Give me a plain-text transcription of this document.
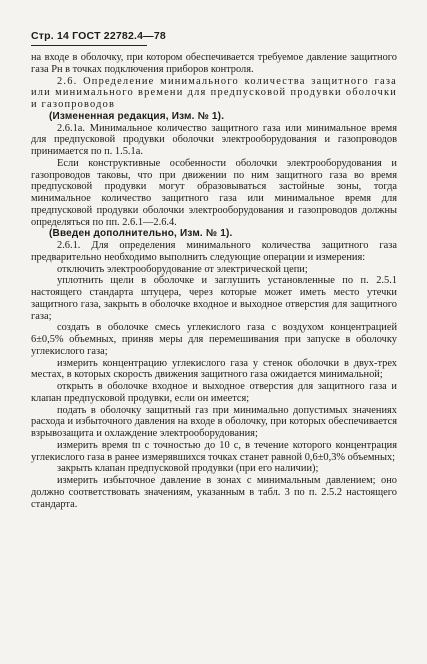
Стр. 14 ГОСТ 22782.4—78

на входе в оболочку, при котором обеспечивается требуемое давление защитного газа Pн в точках подключения приборов контроля.

2.6. Определение минимального количества защитного газа или минимального времени для предпусковой продувки оболочки и газопроводов

(Измененная редакция, Изм. № 1).

2.6.1а. Минимальное количество защитного газа или минимальное время для предпусковой продувки оболочки электрооборудования и газопроводов принимается по п. 1.5.1а.

Если конструктивные особенности оболочки электрооборудования и газопроводов таковы, что при движении по ним защитного газа во время предпусковой продувки могут образовываться застойные зоны, тогда минимальное количество защитного газа или минимальное время для предпусковой продувки оболочки электрооборудования и газопроводов должны определяться по пп. 2.6.1—2.6.4.

(Введен дополнительно, Изм. № 1).

2.6.1. Для определения минимального количества защитного газа предварительно необходимо выполнить следующие операции и измерения:

отключить электрооборудование от электрической цепи;

уплотнить щели в оболочке и заглушить установленные по п. 2.5.1 настоящего стандарта штуцера, через которые может иметь место утечки защитного газа, закрыть в оболочке входное и выходное отверстия для защитного газа;

создать в оболочке смесь углекислого газа с воздухом концентрацией 6±0,5% объемных, приняв меры для перемешивания при запуске в оболочку углекислого газа;

измерить концентрацию углекислого газа у стенок оболочки в двух-трех местах, в которых скорость движения защитного газа ожидается минимальной;

открыть в оболочке входное и выходное отверстия для защитного газа и клапан предпусковой продувки, если он имеется;

подать в оболочку защитный газ при минимально допустимых значениях расхода и избыточного давления на входе в оболочку, при которых обеспечивается взрывозащита и охлаждение электрооборудования;

измерить время tп с точностью до 10 с, в течение которого концентрация углекислого газа в ранее измерявшихся точках станет равной 0,6±0,3% объемных;

закрыть клапан предпусковой продувки (при его наличии);

измерить избыточное давление в зонах с минимальным давлением; оно должно соответствовать значениям, указанным в табл. 3 по п. 2.5.2 настоящего стандарта.
